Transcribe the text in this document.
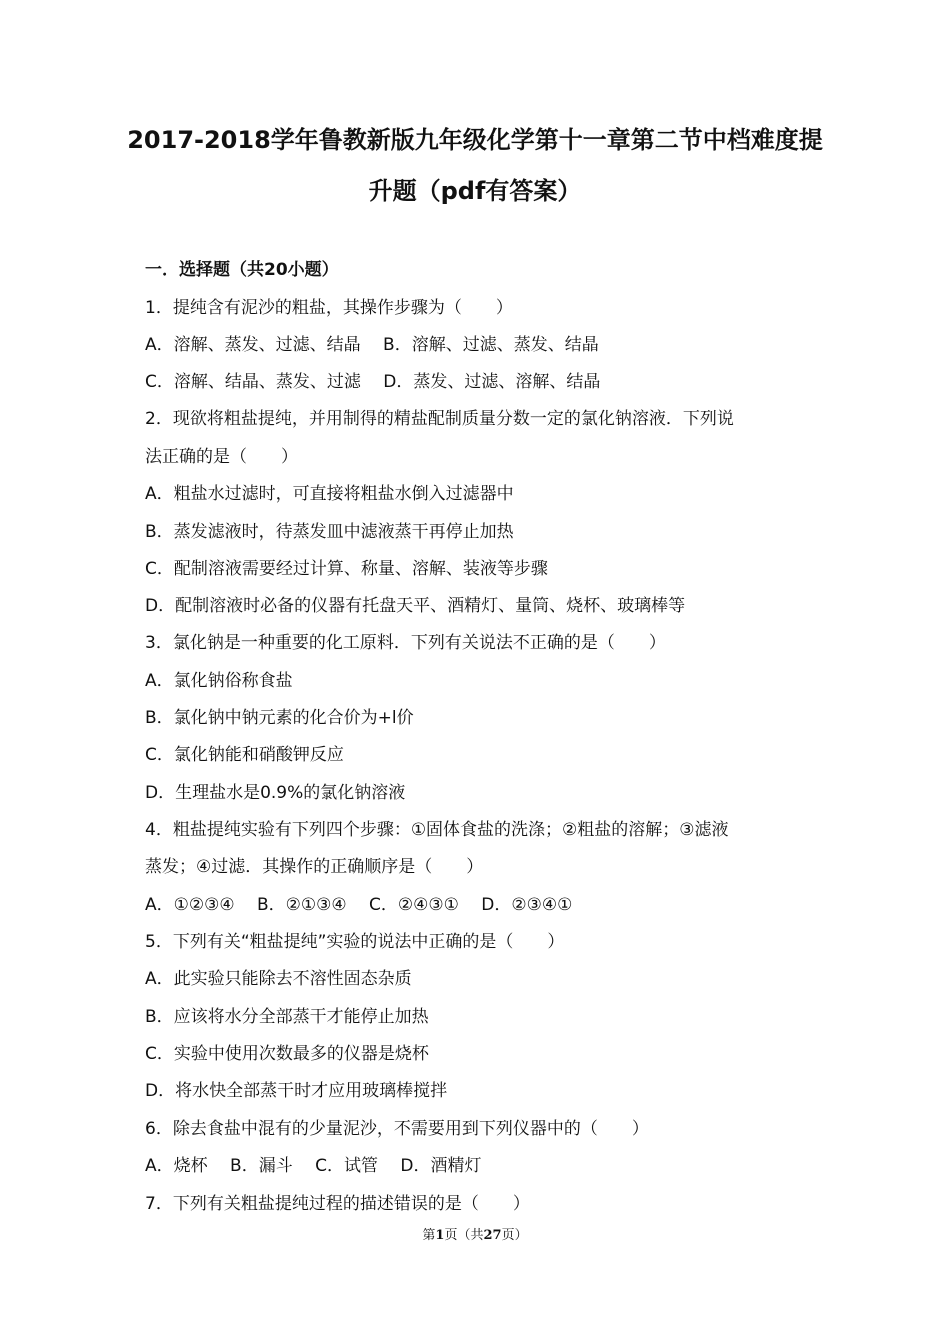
2017-2018学年鲁教新版九年级化学第十一章第二节中档难度提
升题（pdf有答案）
一．选择题（共20小题）
1．提纯含有泥沙的粗盐，其操作步骤为（　　）
A．溶解、蒸发、过滤、结晶　 B．溶解、过滤、蒸发、结晶
C．溶解、结晶、蒸发、过滤　 D．蒸发、过滤、溶解、结晶
2．现欲将粗盐提纯，并用制得的精盐配制质量分数一定的氯化钠溶液．下列说
法正确的是（　　）
A．粗盐水过滤时，可直接将粗盐水倒入过滤器中
B．蒸发滤液时，待蒸发皿中滤液蒸干再停止加热
C．配制溶液需要经过计算、称量、溶解、装液等步骤
D．配制溶液时必备的仪器有托盘天平、酒精灯、量筒、烧杯、玻璃棒等
3．氯化钠是一种重要的化工原料．下列有关说法不正确的是（　　）
A．氯化钠俗称食盐
B．氯化钠中钠元素的化合价为+l价
C．氯化钠能和硝酸钾反应
D．生理盐水是0.9%的氯化钠溶液
4．粗盐提纯实验有下列四个步骤：①固体食盐的洗涤；②粗盐的溶解；③滤液
蒸发；④过滤．其操作的正确顺序是（　　）
A．①②③④　 B．②①③④　 C．②④③①　 D．②③④①
5．下列有关“粗盐提纯”实验的说法中正确的是（　　）
A．此实验只能除去不溶性固态杂质
B．应该将水分全部蒸干才能停止加热
C．实验中使用次数最多的仪器是烧杯
D．将水快全部蒸干时才应用玻璃棒搅拌
6．除去食盐中混有的少量泥沙，不需要用到下列仪器中的（　　）
A．烧杯　 B．漏斗　 C．试管　 D．酒精灯
7．下列有关粗盐提纯过程的描述错误的是（　　）
第1页（共27页）
